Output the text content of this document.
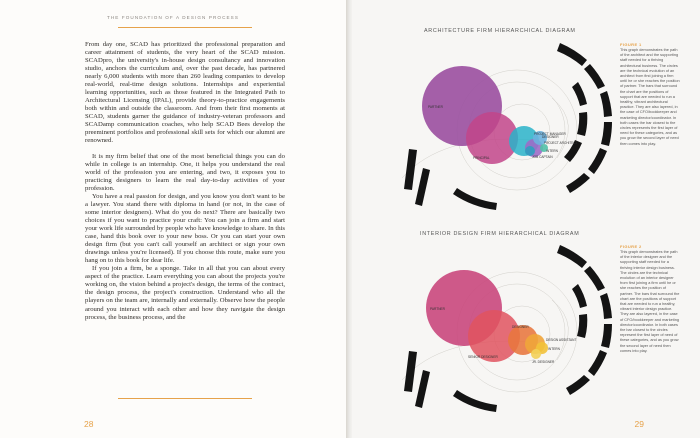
THE FOUNDATION OF A DESIGN PROCESS

From day one, SCAD has prioritized the professional preparation and career attainment of students, the very heart of the SCAD mission. SCADpro, the university's in-house design consultancy and innovation studio, anchors the curriculum and, over the past decade, has partnered nearly 6,000 students with more than 260 leading companies to develop real-world, real-time design solutions. Internships and experiential learning opportunities, such as those featured in the Integrated Path to Architectural Licensing (IPAL), provide theory-to-practice engagements both within and outside the classroom. And from their first moments at SCAD, students garner the guidance of industry-veteran professors and SCADamp communication coaches, who help SCAD Bees develop the preeminent portfolios and professional skill sets for which our alumni are renowned.

It is my firm belief that one of the most beneficial things you can do while in college is an internship. One, it helps you understand the real world of the profession you are entering, and two, it exposes you to practicing designers to learn the real day-to-day activities of your profession.

You have a real passion for design, and you know you don't want to be a lawyer. You stand there with diploma in hand (or not, in the case of some interior designers). What do you do next? There are basically two choices if you want to practice your craft: You can join a firm and start your work life surrounded by people who have knowledge to share. In this case, hand this book over to your new boss. Or you can start your own design firm (but you can't call yourself an architect or sign your own drawings unless you're licensed). If you choose this route, make sure you hang on to this book for dear life.

If you join a firm, be a sponge. Take in all that you can about every aspect of the practice. Learn everything you can about the projects you're working on, the vision behind a project's design, the terms of the contract, the design process, the project's construction. Understand who all the players on the team are, internally and externally. Observe how the people around you interact with each other and how they navigate the design process, the business process, and the

28
ARCHITECTURE FIRM HIERARCHICAL DIAGRAM
PARTNER
PRINCIPAL
PROJECT MANAGER
PROJECT ARCHITECT
INTERN
DESIGNER
JOB CAPTAIN
FIGURE 1
This graph demonstrates the path of the architect and the supporting staff needed for a thriving architectural business. The circles are the technical evolution of an architect from first joining a firm until he or she reaches the position of partner. The bars that surround the chart are the positions of support that are needed to run a healthy, vibrant architectural practice. They are also layered, in the case of CFO/bookkeeper and marketing director/coordinator. In both cases the bar closest to the circles represents the first layer of need for these categories, and as you grow the second layer of need then comes into play.
INTERIOR DESIGN FIRM HIERARCHICAL DIAGRAM
PARTNER
SENIOR DESIGNER
DESIGNER
DESIGN ASSISTANT
INTERN
JR. DESIGNER
FIGURE 2
This graph demonstrates the path of the interior designer and the supporting staff needed for a thriving interior design business. The circles are the technical evolution of an interior designer from first joining a firm until he or she reaches the position of partner. The bars that surround the chart are the positions of support that are needed to run a healthy, vibrant interior design practice. They are also layered, in the case of CFO/bookkeeper and marketing director/coordinator. In both cases the bar closest to the circles represent the first layer of need of these categories, and as you grow the second layer of need then comes into play.
29
